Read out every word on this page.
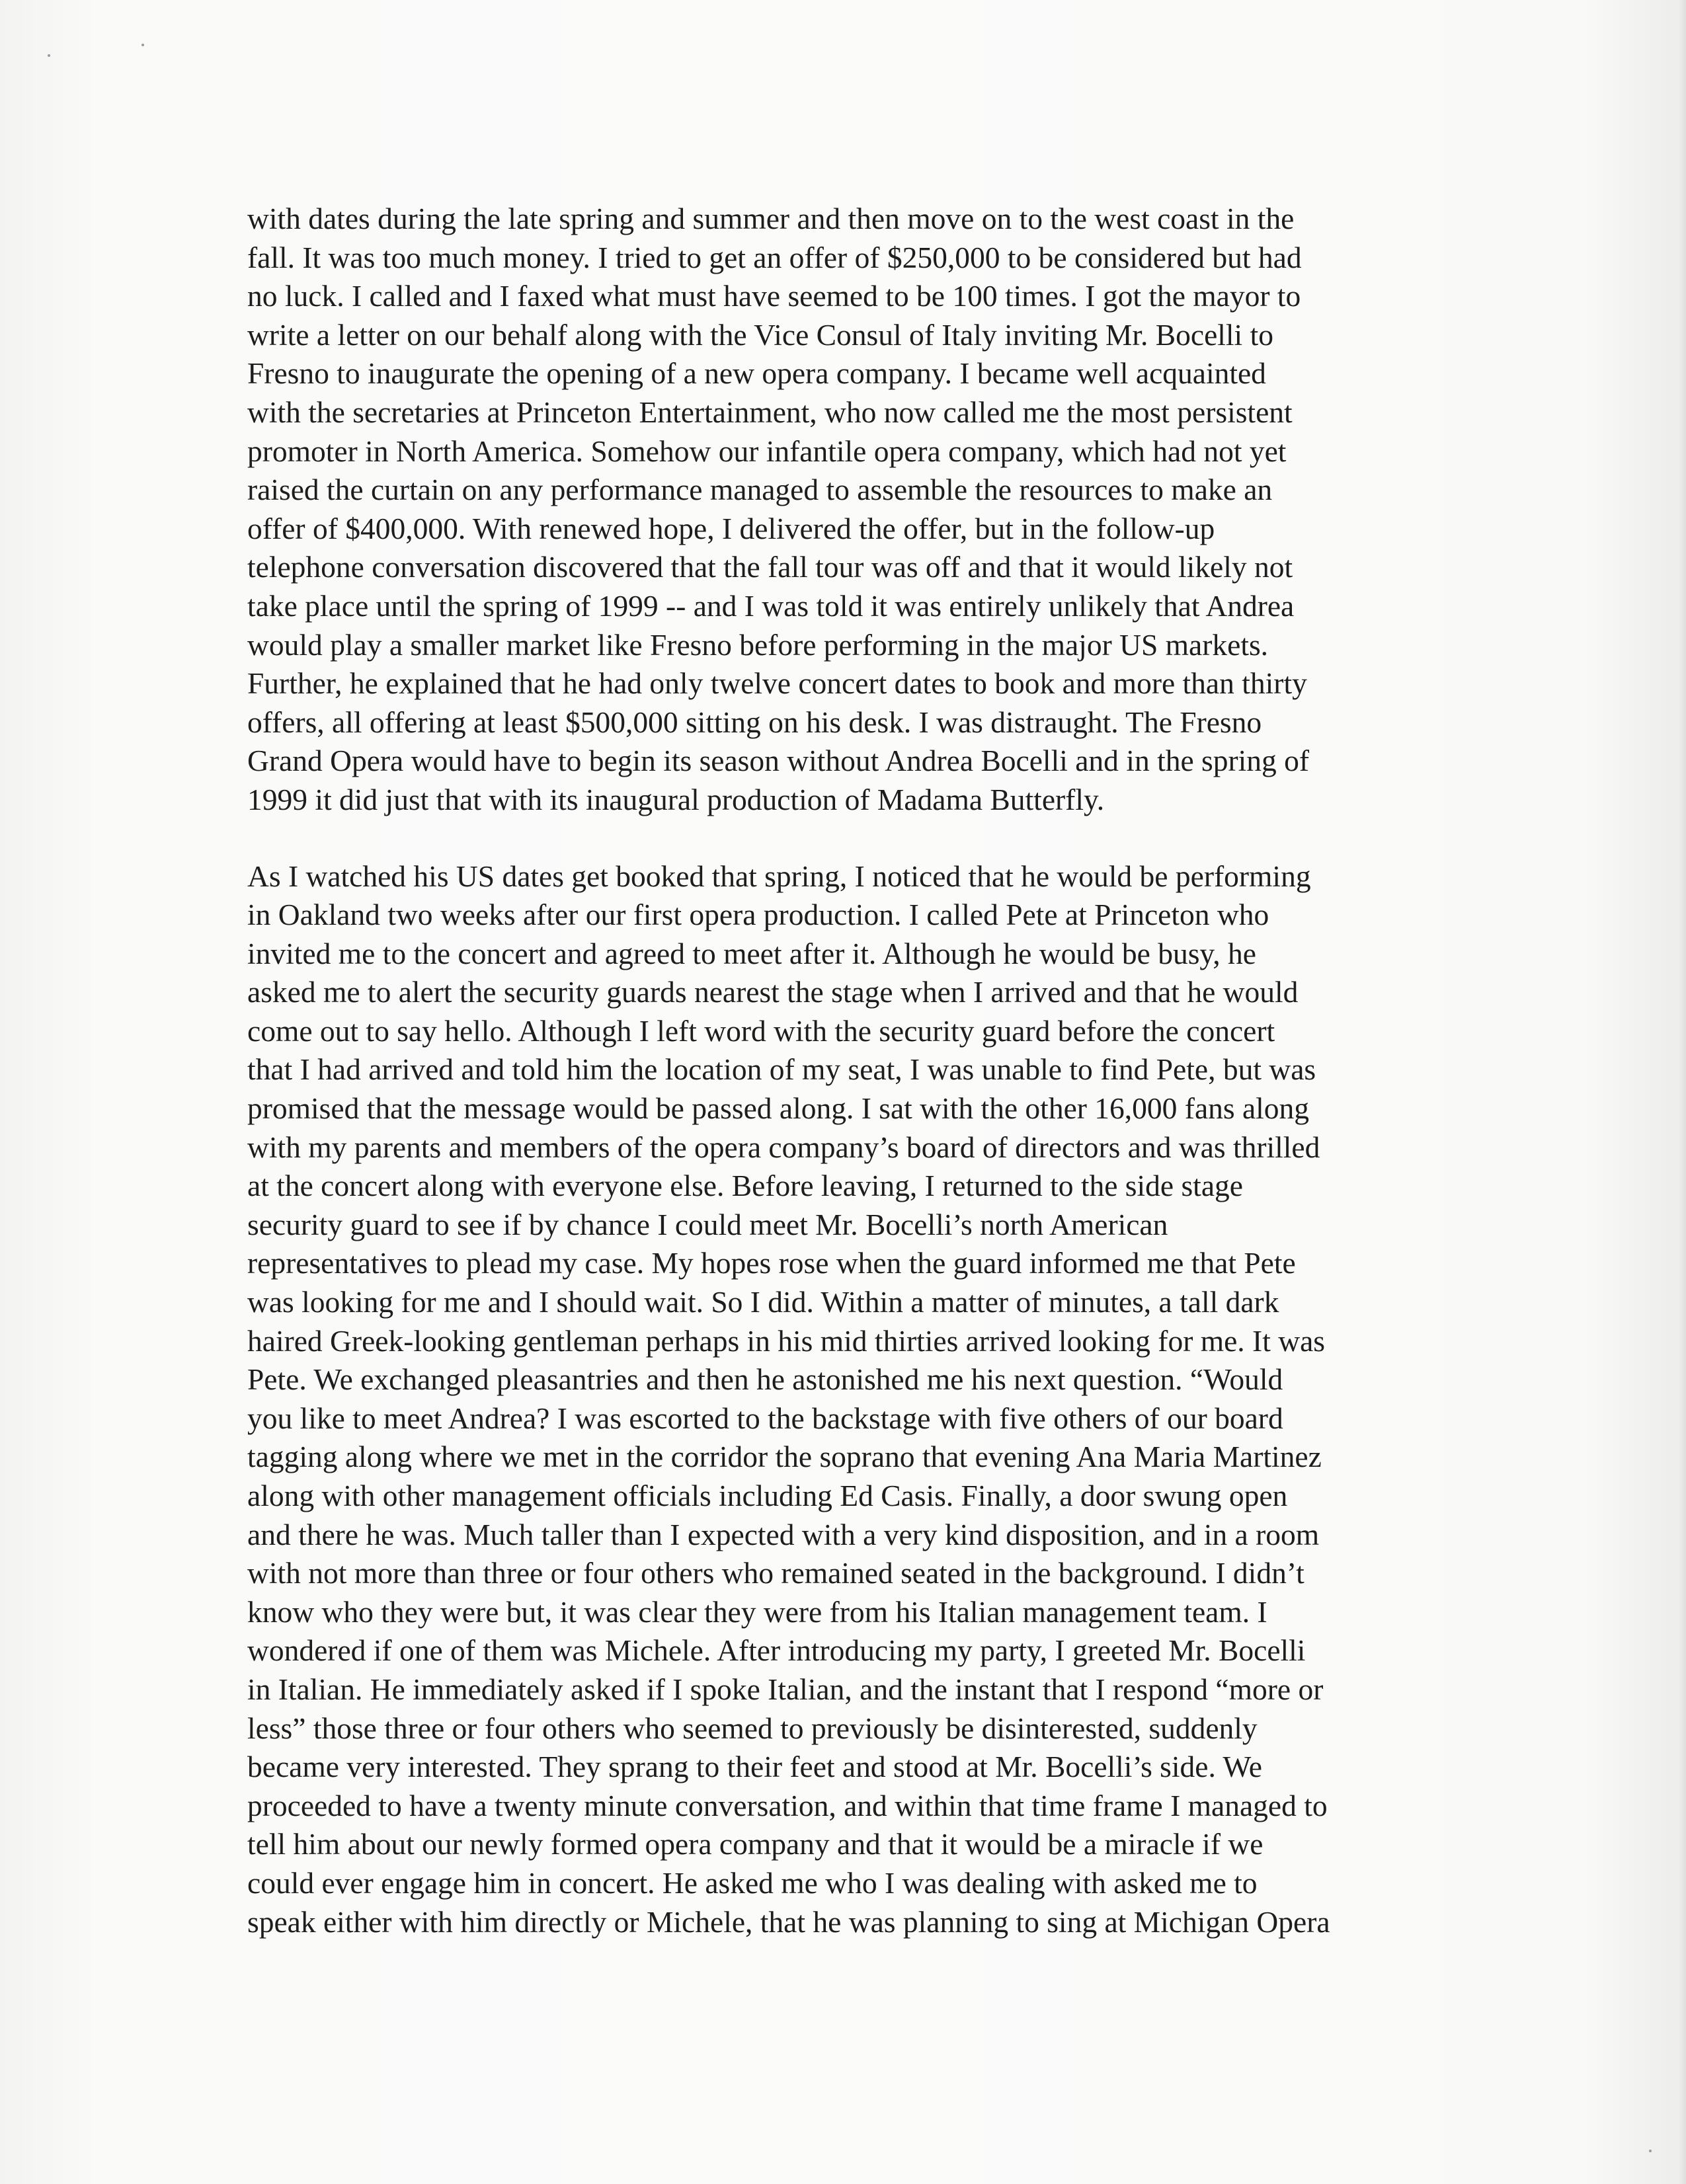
with dates during the late spring and summer and then move on to the west coast in the
fall. It was too much money. I tried to get an offer of $250,000 to be considered but had
no luck. I called and I faxed what must have seemed to be 100 times. I got the mayor to
write a letter on our behalf along with the Vice Consul of Italy inviting Mr. Bocelli to
Fresno to inaugurate the opening of a new opera company. I became well acquainted
with the secretaries at Princeton Entertainment, who now called me the most persistent
promoter in North America. Somehow our infantile opera company, which had not yet
raised the curtain on any performance managed to assemble the resources to make an
offer of $400,000. With renewed hope, I delivered the offer, but in the follow-up
telephone conversation discovered that the fall tour was off and that it would likely not
take place until the spring of 1999 -- and I was told it was entirely unlikely that Andrea
would play a smaller market like Fresno before performing in the major US markets.
Further, he explained that he had only twelve concert dates to book and more than thirty
offers, all offering at least $500,000 sitting on his desk. I was distraught. The Fresno
Grand Opera would have to begin its season without Andrea Bocelli and in the spring of
1999 it did just that with its inaugural production of Madama Butterfly.
As I watched his US dates get booked that spring, I noticed that he would be performing
in Oakland two weeks after our first opera production. I called Pete at Princeton who
invited me to the concert and agreed to meet after it. Although he would be busy, he
asked me to alert the security guards nearest the stage when I arrived and that he would
come out to say hello. Although I left word with the security guard before the concert
that I had arrived and told him the location of my seat, I was unable to find Pete, but was
promised that the message would be passed along. I sat with the other 16,000 fans along
with my parents and members of the opera company’s board of directors and was thrilled
at the concert along with everyone else. Before leaving, I returned to the side stage
security guard to see if by chance I could meet Mr. Bocelli’s north American
representatives to plead my case. My hopes rose when the guard informed me that Pete
was looking for me and I should wait. So I did. Within a matter of minutes, a tall dark
haired Greek-looking gentleman perhaps in his mid thirties arrived looking for me. It was
Pete. We exchanged pleasantries and then he astonished me his next question. “Would
you like to meet Andrea? I was escorted to the backstage with five others of our board
tagging along where we met in the corridor the soprano that evening Ana Maria Martinez
along with other management officials including Ed Casis. Finally, a door swung open
and there he was. Much taller than I expected with a very kind disposition, and in a room
with not more than three or four others who remained seated in the background. I didn’t
know who they were but, it was clear they were from his Italian management team. I
wondered if one of them was Michele. After introducing my party, I greeted Mr. Bocelli
in Italian. He immediately asked if I spoke Italian, and the instant that I respond “more or
less” those three or four others who seemed to previously be disinterested, suddenly
became very interested. They sprang to their feet and stood at Mr. Bocelli’s side. We
proceeded to have a twenty minute conversation, and within that time frame I managed to
tell him about our newly formed opera company and that it would be a miracle if we
could ever engage him in concert. He asked me who I was dealing with asked me to
speak either with him directly or Michele, that he was planning to sing at Michigan Opera
